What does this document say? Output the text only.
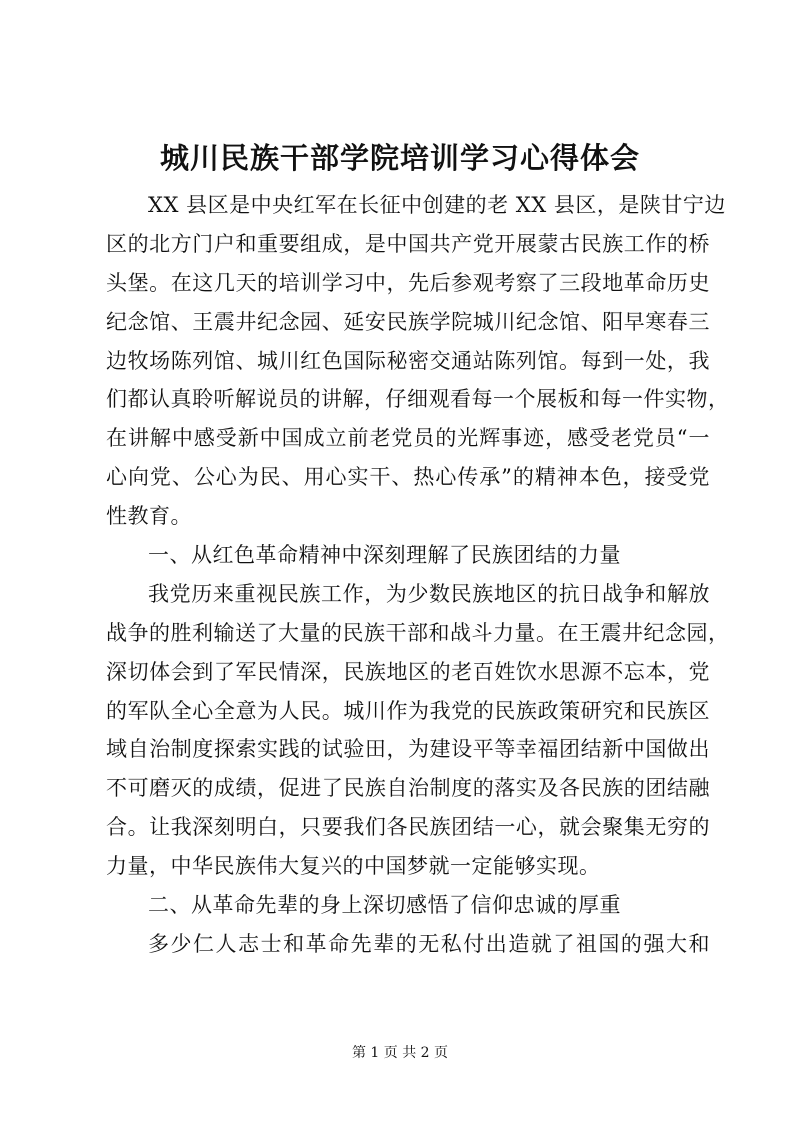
城川民族干部学院培训学习心得体会
XX 县区是中央红军在长征中创建的老 XX 县区，是陕甘宁边
区的北方门户和重要组成，是中国共产党开展蒙古民族工作的桥
头堡。在这几天的培训学习中，先后参观考察了三段地革命历史
纪念馆、王震井纪念园、延安民族学院城川纪念馆、阳早寒春三
边牧场陈列馆、城川红色国际秘密交通站陈列馆。每到一处，我
们都认真聆听解说员的讲解，仔细观看每一个展板和每一件实物，
在讲解中感受新中国成立前老党员的光辉事迹，感受老党员“一
心向党、公心为民、用心实干、热心传承”的精神本色，接受党
性教育。
一、从红色革命精神中深刻理解了民族团结的力量
我党历来重视民族工作，为少数民族地区的抗日战争和解放
战争的胜利输送了大量的民族干部和战斗力量。在王震井纪念园，
深切体会到了军民情深，民族地区的老百姓饮水思源不忘本，党
的军队全心全意为人民。城川作为我党的民族政策研究和民族区
域自治制度探索实践的试验田，为建设平等幸福团结新中国做出
不可磨灭的成绩，促进了民族自治制度的落实及各民族的团结融
合。让我深刻明白，只要我们各民族团结一心，就会聚集无穷的
力量，中华民族伟大复兴的中国梦就一定能够实现。
二、从革命先辈的身上深切感悟了信仰忠诚的厚重
多少仁人志士和革命先辈的无私付出造就了祖国的强大和
第 1 页 共 2 页
